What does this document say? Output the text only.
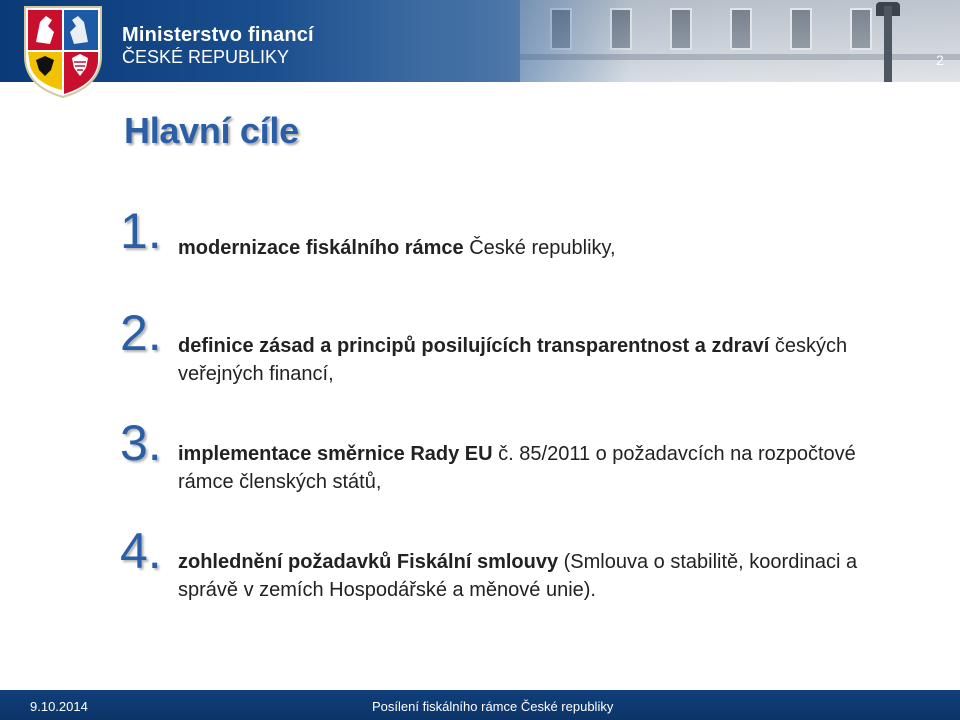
Ministerstvo financí
ČESKÉ REPUBLIKY	2
Hlavní cíle
1. modernizace fiskálního rámce České republiky,
2. definice zásad a principů posilujících transparentnost a zdraví českých veřejných financí,
3. implementace směrnice Rady EU č. 85/2011 o požadavcích na rozpočtové rámce členských států,
4. zohlednění požadavků Fiskální smlouvy (Smlouva o stabilitě, koordinaci a správě v zemích Hospodářské a měnové unie).
9.10.2014	Posílení fiskálního rámce České republiky
